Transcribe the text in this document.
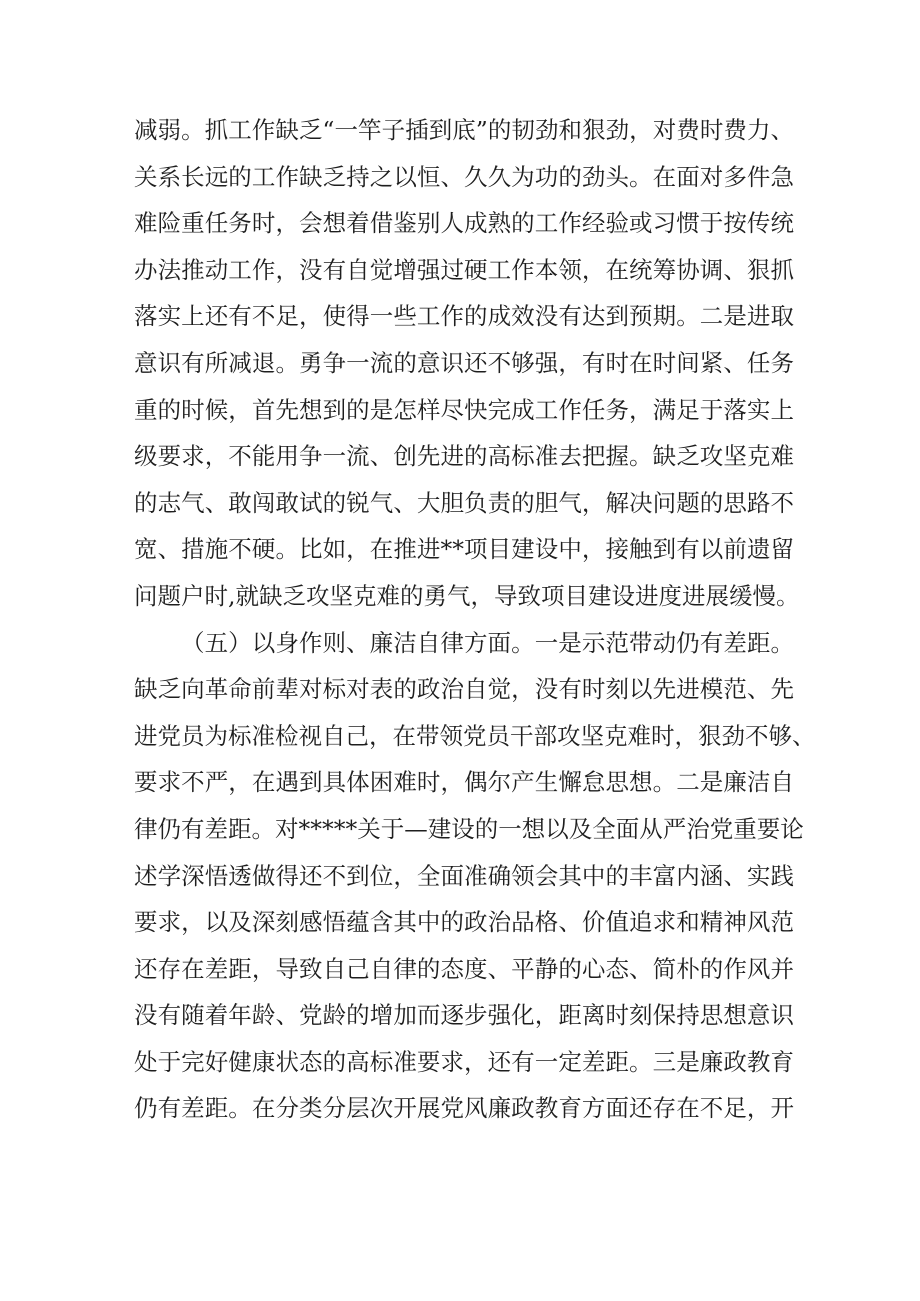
减弱。抓工作缺乏“一竿子插到底”的韧劲和狠劲，对费时费力、
关系长远的工作缺乏持之以恒、久久为功的劲头。在面对多件急
难险重任务时，会想着借鉴别人成熟的工作经验或习惯于按传统
办法推动工作，没有自觉增强过硬工作本领，在统筹协调、狠抓
落实上还有不足，使得一些工作的成效没有达到预期。二是进取
意识有所减退。勇争一流的意识还不够强，有时在时间紧、任务
重的时候，首先想到的是怎样尽快完成工作任务，满足于落实上
级要求，不能用争一流、创先进的高标准去把握。缺乏攻坚克难
的志气、敢闯敢试的锐气、大胆负责的胆气，解决问题的思路不
宽、措施不硬。比如，在推进**项目建设中，接触到有以前遗留
问题户时,就缺乏攻坚克难的勇气，导致项目建设进度进展缓慢。
（五）以身作则、廉洁自律方面。一是示范带动仍有差距。
缺乏向革命前辈对标对表的政治自觉，没有时刻以先进模范、先
进党员为标准检视自己，在带领党员干部攻坚克难时，狠劲不够、
要求不严，在遇到具体困难时，偶尔产生懈怠思想。二是廉洁自
律仍有差距。对*****关于—建设的一想以及全面从严治党重要论
述学深悟透做得还不到位，全面准确领会其中的丰富内涵、实践
要求，以及深刻感悟蕴含其中的政治品格、价值追求和精神风范
还存在差距，导致自己自律的态度、平静的心态、简朴的作风并
没有随着年龄、党龄的增加而逐步强化，距离时刻保持思想意识
处于完好健康状态的高标准要求，还有一定差距。三是廉政教育
仍有差距。在分类分层次开展党风廉政教育方面还存在不足，开
